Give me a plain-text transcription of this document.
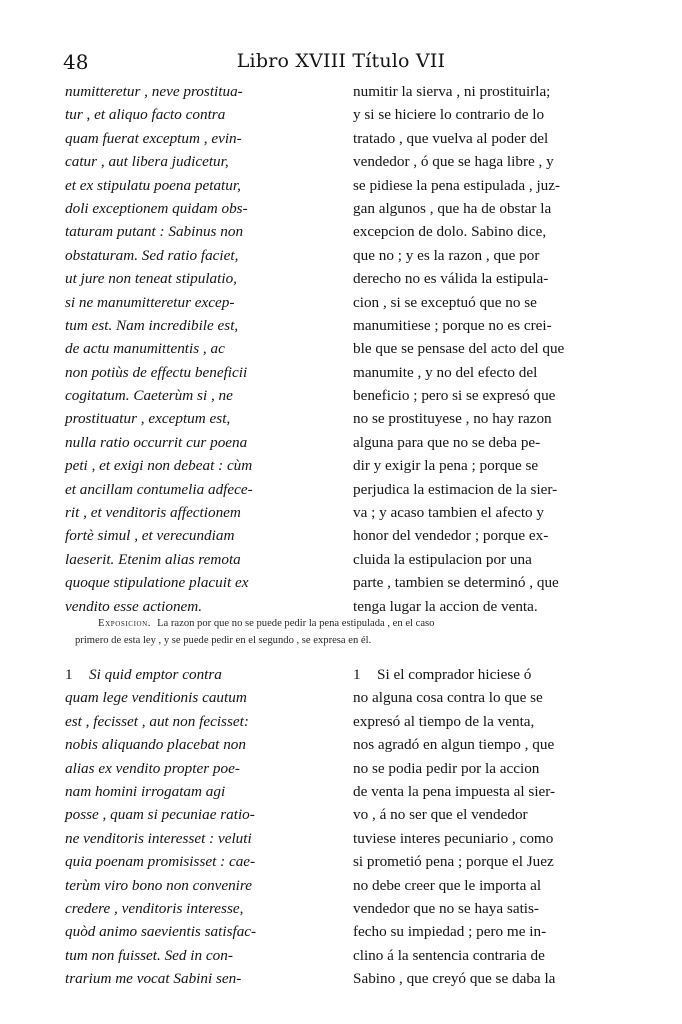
48	Libro XVIII Título VII
numitteretur , neve prostitua-
tur , et aliquo facto contra
quam fuerat exceptum , evin-
catur , aut libera judicetur,
et ex stipulatu poena petatur,
doli exceptionem quidam obs-
taturam putant : Sabinus non
obstaturam. Sed ratio faciet,
ut jure non teneat stipulatio,
si ne manumitteretur excep-
tum est. Nam incredibile est,
de actu manumittentis , ac
non potiùs de effectu beneficii
cogitatum. Caeterùm si , ne
prostituatur , exceptum est,
nulla ratio occurrit cur poena
peti , et exigi non debeat : cùm
et ancillam contumelia adfece-
rit , et venditoris affectionem
fortè simul , et verecundiam
laeserit. Etenim alias remota
quoque stipulatione placuit ex
vendito esse actionem.
numitir la sierva , ni prostituirla;
y si se hiciere lo contrario de lo
tratado , que vuelva al poder del
vendedor , ó que se haga libre , y
se pidiese la pena estipulada , juz-
gan algunos , que ha de obstar la
excepcion de dolo. Sabino dice,
que no ; y es la razon , que por
derecho no es válida la estipula-
cion , si se exceptuó que no se
manumitiese ; porque no es crei-
ble que se pensase del acto del que
manumite , y no del efecto del
beneficio ; pero si se expresó que
no se prostituyese , no hay razon
alguna para que no se deba pe-
dir y exigir la pena ; porque se
perjudica la estimacion de la sier-
va ; y acaso tambien el afecto y
honor del vendedor ; porque ex-
cluida la estipulacion por una
parte , tambien se determinó , que
tenga lugar la accion de venta.
Exposicion. La razon por que no se puede pedir la pena estipulada , en el caso
primero de esta ley , y se puede pedir en el segundo , se expresa en él.
1 Si quid emptor contra
quam lege venditionis cautum
est , fecisset , aut non fecisset:
nobis aliquando placebat non
alias ex vendito propter poe-
nam homini irrogatam agi
posse , quam si pecuniae ratio-
ne venditoris interesset : veluti
quia poenam promisisset : cae-
terùm viro bono non convenire
credere , venditoris interesse,
quòd animo saevientis satisfac-
tum non fuisset. Sed in con-
trarium me vocat Sabini sen-
1 Si el comprador hiciese ó
no alguna cosa contra lo que se
expresó al tiempo de la venta,
nos agradó en algun tiempo , que
no se podia pedir por la accion
de venta la pena impuesta al sier-
vo , á no ser que el vendedor
tuviese interes pecuniario , como
si prometió pena ; porque el Juez
no debe creer que le importa al
vendedor que no se haya satis-
fecho su impiedad ; pero me in-
clino á la sentencia contraria de
Sabino , que creyó que se daba la
